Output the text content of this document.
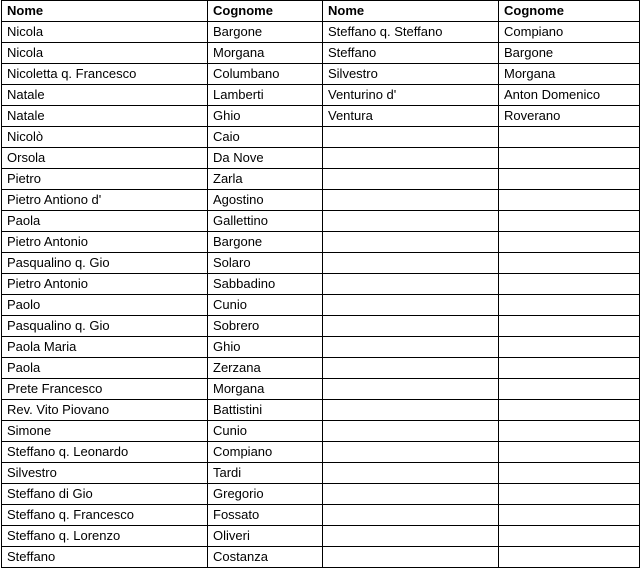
Nome	Cognome	Nome	Cognome
Nicola	Bargone	Steffano q. Steffano	Compiano
Nicola	Morgana	Steffano	Bargone
Nicoletta q. Francesco	Columbano	Silvestro	Morgana
Natale	Lamberti	Venturino d'	Anton Domenico
Natale	Ghio	Ventura	Roverano
Nicolò	Caio		
Orsola	Da Nove		
Pietro	Zarla		
Pietro Antiono d'	Agostino		
Paola	Gallettino		
Pietro Antonio	Bargone		
Pasqualino q. Gio	Solaro		
Pietro Antonio	Sabbadino		
Paolo	Cunio		
Pasqualino q. Gio	Sobrero		
Paola Maria	Ghio		
Paola	Zerzana		
Prete Francesco	Morgana		
Rev. Vito Piovano	Battistini		
Simone	Cunio		
Steffano q. Leonardo	Compiano		
Silvestro	Tardi		
Steffano di Gio	Gregorio		
Steffano q. Francesco	Fossato		
Steffano q. Lorenzo	Oliveri		
Steffano	Costanza		
